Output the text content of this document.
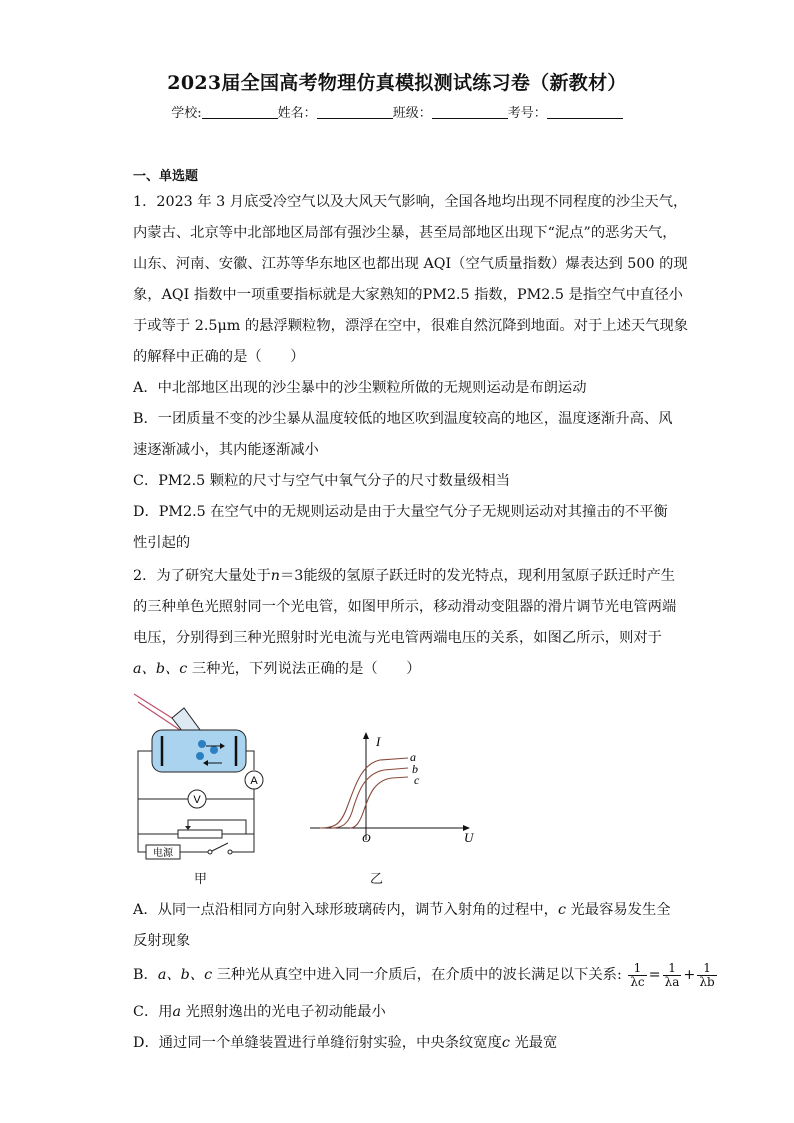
2023届全国高考物理仿真模拟测试练习卷（新教材）
学校:	姓名：	班级：	考号：
一、单选题
1．2023 年 3 月底受冷空气以及大风天气影响，全国各地均出现不同程度的沙尘天气，
内蒙古、北京等中北部地区局部有强沙尘暴，甚至局部地区出现下“泥点”的恶劣天气，
山东、河南、安徽、江苏等华东地区也都出现 AQI（空气质量指数）爆表达到 500 的现
象，AQI 指数中一项重要指标就是大家熟知的PM2.5 指数，PM2.5 是指空气中直径小
于或等于 2.5μm 的悬浮颗粒物，漂浮在空中，很难自然沉降到地面。对于上述天气现象
的解释中正确的是（　　）
A．中北部地区出现的沙尘暴中的沙尘颗粒所做的无规则运动是布朗运动
B．一团质量不变的沙尘暴从温度较低的地区吹到温度较高的地区，温度逐渐升高、风
速逐渐减小，其内能逐渐减小
C．PM2.5 颗粒的尺寸与空气中氧气分子的尺寸数量级相当
D．PM2.5 在空气中的无规则运动是由于大量空气分子无规则运动对其撞击的不平衡
性引起的
2．为了研究大量处于n＝3能级的氢原子跃迁时的发光特点，现利用氢原子跃迁时产生
的三种单色光照射同一个光电管，如图甲所示，移动滑动变阻器的滑片调节光电管两端
电压，分别得到三种光照射时光电流与光电管两端电压的关系，如图乙所示，则对于
a、b、c 三种光，下列说法正确的是（　　）
A
V
电源
甲
I
U
O
a
b
c
乙
A．从同一点沿相同方向射入球形玻璃砖内，调节入射角的过程中，c 光最容易发生全
反射现象
B．a、b、c 三种光从真空中进入同一介质后，在介质中的波长满足以下关系: $\frac{1}{\lambda c} = \frac{1}{\lambda a} + \frac{1}{\lambda b}$
C．用a 光照射逸出的光电子初动能最小
D．通过同一个单缝装置进行单缝衍射实验，中央条纹宽度c 光最宽
